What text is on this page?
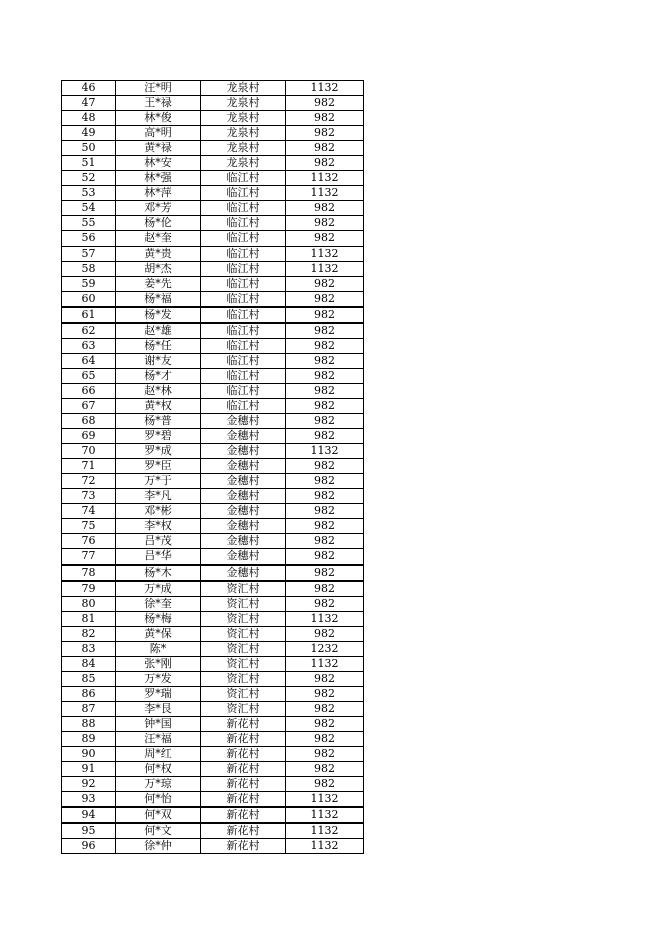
46	汪*明	龙泉村	1132
47	王*禄	龙泉村	982
48	林*俊	龙泉村	982
49	高*明	龙泉村	982
50	黄*禄	龙泉村	982
51	林*安	龙泉村	982
52	林*强	临江村	1132
53	林*萍	临江村	1132
54	邓*芳	临江村	982
55	杨*伦	临江村	982
56	赵*奎	临江村	982
57	黄*贵	临江村	1132
58	胡*杰	临江村	1132
59	姜*先	临江村	982
60	杨*福	临江村	982
61	杨*发	临江村	982
62	赵*雄	临江村	982
63	杨*任	临江村	982
64	谢*友	临江村	982
65	杨*才	临江村	982
66	赵*林	临江村	982
67	黄*权	临江村	982
68	杨*普	金穗村	982
69	罗*碧	金穗村	982
70	罗*成	金穗村	1132
71	罗*臣	金穗村	982
72	万*于	金穗村	982
73	李*凡	金穗村	982
74	邓*彬	金穗村	982
75	李*权	金穗村	982
76	吕*茂	金穗村	982
77	吕*华	金穗村	982
78	杨*木	金穗村	982
79	万*成	资汇村	982
80	徐*奎	资汇村	982
81	杨*梅	资汇村	1132
82	黄*保	资汇村	982
83	陈*	资汇村	1232
84	张*刚	资汇村	1132
85	万*发	资汇村	982
86	罗*瑞	资汇村	982
87	李*艮	资汇村	982
88	钟*国	新花村	982
89	汪*福	新花村	982
90	周*红	新花村	982
91	何*权	新花村	982
92	万*琼	新花村	982
93	何*怡	新花村	1132
94	何*双	新花村	1132
95	何*文	新花村	1132
96	徐*仲	新花村	1132
